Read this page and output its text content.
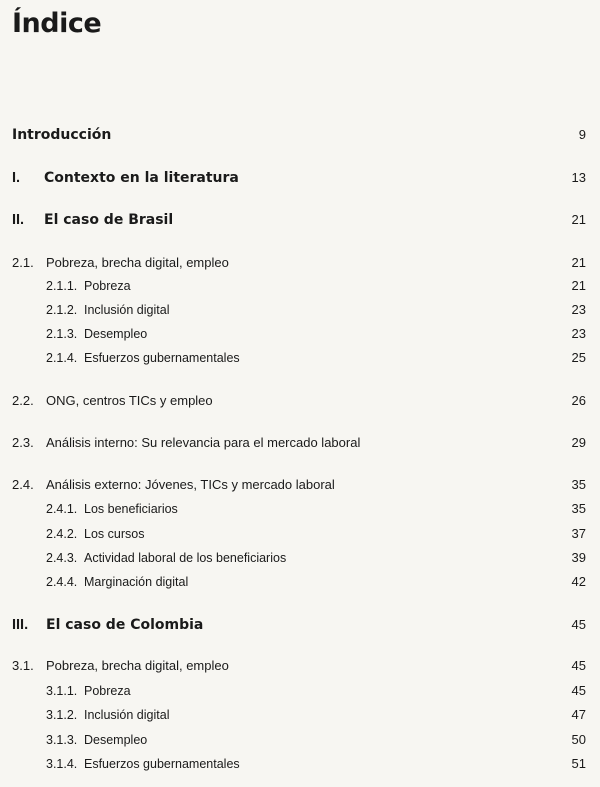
Índice
Introducción	9
I. Contexto en la literatura	13
II. El caso de Brasil	21
2.1. Pobreza, brecha digital, empleo	21
2.1.1. Pobreza	21
2.1.2. Inclusión digital	23
2.1.3. Desempleo	23
2.1.4. Esfuerzos gubernamentales	25
2.2. ONG, centros TICs y empleo	26
2.3. Análisis interno: Su relevancia para el mercado laboral	29
2.4. Análisis externo: Jóvenes, TICs y mercado laboral	35
2.4.1. Los beneficiarios	35
2.4.2. Los cursos	37
2.4.3. Actividad laboral de los beneficiarios	39
2.4.4. Marginación digital	42
III. El caso de Colombia	45
3.1. Pobreza, brecha digital, empleo	45
3.1.1. Pobreza	45
3.1.2. Inclusión digital	47
3.1.3. Desempleo	50
3.1.4. Esfuerzos gubernamentales	51
